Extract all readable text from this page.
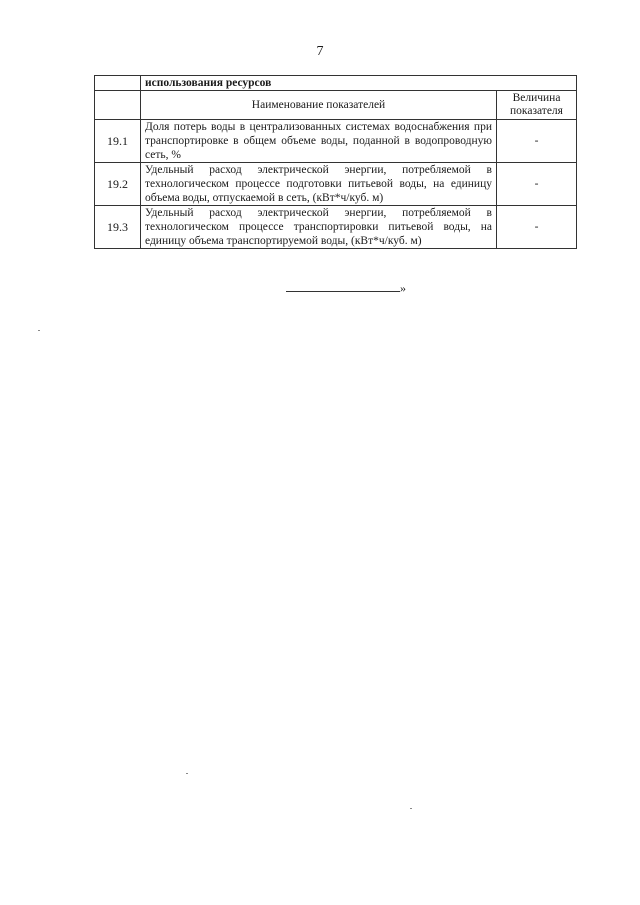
7
	использования ресурсов	
	Наименование показателей	Величина показателя
19.1	Доля потерь воды в централизованных системах водоснабжения при транспортировке в общем объеме воды, поданной в водопроводную сеть, %	-
19.2	Удельный расход электрической энергии, потребляемой в технологическом процессе подготовки питьевой воды, на единицу объема воды, отпускаемой в сеть, (кВт*ч/куб. м)	-
19.3	Удельный расход электрической энергии, потребляемой в технологическом процессе транспортировки питьевой воды, на единицу объема транспортируемой воды, (кВт*ч/куб. м)	-
»
